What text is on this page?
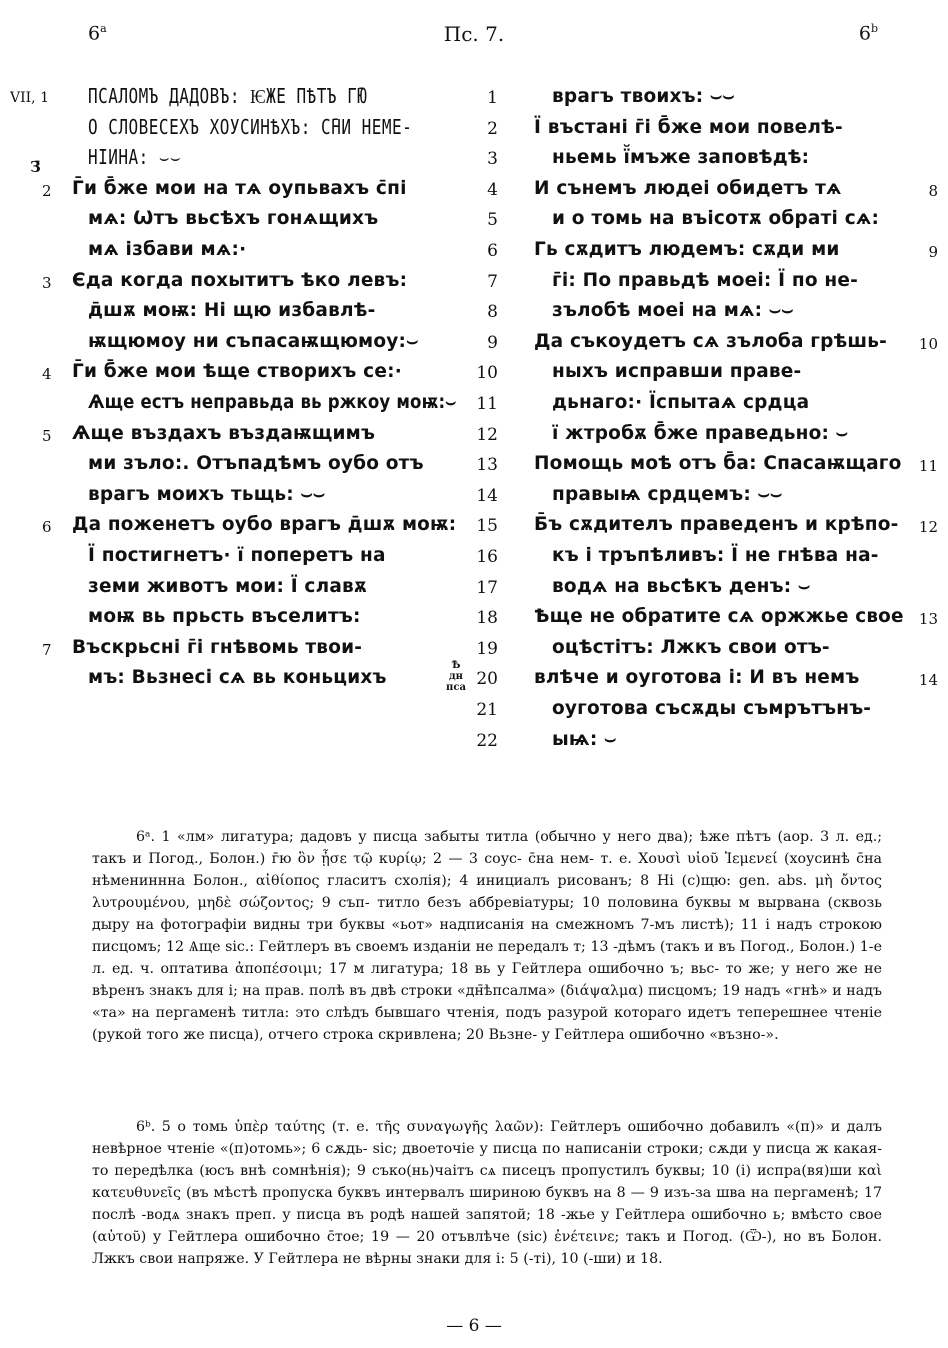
6$^a$	Пс. 7.	6$^b$
VII, 1
З̄
1
ПСАЛОМЪ ДАДОВЪ: ѤЖЕ ПѢТЪ Г̄Ю
2
О СЛОВЕСЕХЪ ХОУСИНѢХЪ: С̄НИ НЕМЕ-
3
НІИНА: ⌣⌣
4
2 Г̄и б̄же мои на тѧ оупьвахъ с̄пі
5
мѧ: Ѡтъ вьсѣхъ гонѧщихъ
6
мѧ ізбави мѧ:·
7
3 Єда когда похытитъ ѣко левъ:
8
д̄шѫ моѭ: Ні щю избавлѣ-
9
ѭщюмоу ни съпасаѭщюмоу:⌣
10
4 Г̄и б̄же мои ѣще створихъ се:·
11
Ѧще естъ неправьда вь ржкоу моѭ:⌣
12
5 Ѧще въздахъ въздаѭщимъ
13
ми зъло:. Отъпадѣмъ оубо отъ
14
врагъ моихъ тьщь: ⌣⌣
15
6 Да поженетъ оубо врагъ д̄шѫ моѭ:
16
Ї постигнетъ· ї поперетъ на
17
земи животъ мои: Ї славѫ
18
моѭ вь прьсть въселитъ:
19
7 Въскрьсні г̄і гнѣвомь твои-
20
мъ: Вьзнесі сѧ вь коньцихъ
21
22
Ѣ
дн
пса
врагъ твоихъ: ⌣⌣
Ї въстані г̄і б̄же мои повелѣ-
ньемь ї̆мъже заповѣдѣ:
И сънемъ людеі обидетъ тѧ	8
и о томь на въісотѫ обраті сѧ:
Гь сѫдитъ людемъ: сѫди ми	9
г̄і: По правьдѣ моеі: Ї по не-
зълобѣ моеі на мѧ: ⌣⌣
Да съкоудетъ сѧ зълоба грѣшь-	10
ныхъ исправши праве-
дьнаго:· Їспытаѧ срдца
ї жтробѫ б̄же праведьно: ⌣
Помощь моѣ отъ б̄а: Спасаѭщаго	11
правыѩ срдцемъ: ⌣⌣
Б̄ъ сѫдителъ праведенъ и крѣпо-	12
къ і тръпѣливъ: Ї не гнѣва на-
водѧ на вьсѣкъ денъ: ⌣
Ѣще не обратите сѧ оржжье свое	13
оцѣстітъ: Лжкъ свои отъ-
влѣче и оуготова і: И въ немъ	14
оуготова съсѫды съмрътънъ-
ыѩ: ⌣
6ᵃ. 1 «лм» лигатура; дадовъ у писца забыты титла (обычно у него два); ѣже пѣтъ (аор. 3 л. ед.; такъ и Погод., Болон.) г̄ю ὃν ᾖσε τῷ κυρίῳ; 2 — 3 соус- с̄на нем- т. е. Χουσὶ υἱοῦ Ἰεμενεί (хоусинѣ с̄на нѣмениннна Болон., αἰθίοπος гласитъ схолія); 4 инициалъ рисованъ; 8 Ні (с)щю: gen. abs. μὴ ὄντος λυτρουμένου, μηδὲ σώζοντος; 9 съп- титло безъ аббревіатуры; 10 половина буквы м вырвана (сквозь дыру на фотографіи видны три буквы «ьот» надписанія на смежномъ 7-мъ листѣ); 11 і надъ строкою писцомъ; 12 Ѧще sic.: Гейтлеръ въ своемъ изданіи не передалъ т; 13 -дѣмъ (такъ и въ Погод., Болон.) 1-е л. ед. ч. оптатива ἀποπέσοιμι; 17 м лигатура; 18 вь у Гейтлера ошибочно ъ; вьс- то же; у него же не вѣренъ знакъ для і; на прав. полѣ въ двѣ строки «дн̄ѣпсалма» (διάψαλμα) писцомъ; 19 надъ «гнѣ» и надъ «та» на пергаменѣ титла: это слѣдъ бывшаго чтенія, подъ разурой котораго идетъ теперешнее чтеніе (рукой того же писца), отчего строка скривлена; 20 Вьзне- у Гейтлера ошибочно «възно-».
6ᵇ. 5 о томь ὑπὲρ ταύτης (т. е. τῆς συναγωγῆς λαῶν): Гейтлеръ ошибочно добавилъ «(п)» и далъ невѣрное чтеніе «(п)отомь»; 6 сѫдь- sic; двоеточіе у писца по написаніи строки; сѫди у писца ж какая-то передѣлка (юсъ внѣ сомнѣнія); 9 съко(нь)чаітъ сѧ писецъ пропустилъ буквы; 10 (і) испра(вя)ши καὶ κατευθυνεῖς (въ мѣстѣ пропуска буквъ интервалъ шириною буквъ на 8 — 9 изъ-за шва на пергаменѣ; 17 послѣ -водѧ знакъ преп. у писца въ родѣ нашей запятой; 18 -жье у Гейтлера ошибочно ь; вмѣсто свое (αὐτοῦ) у Гейтлера ошибочно с̄тое; 19 — 20 отъвлѣче (sic) ἐνέτεινε; такъ и Погод. (Ѿ-), но въ Болон. Лжкъ свои напряже. У Гейтлера не вѣрны знаки для і: 5 (-ті), 10 (-ши) и 18.
— 6 —
